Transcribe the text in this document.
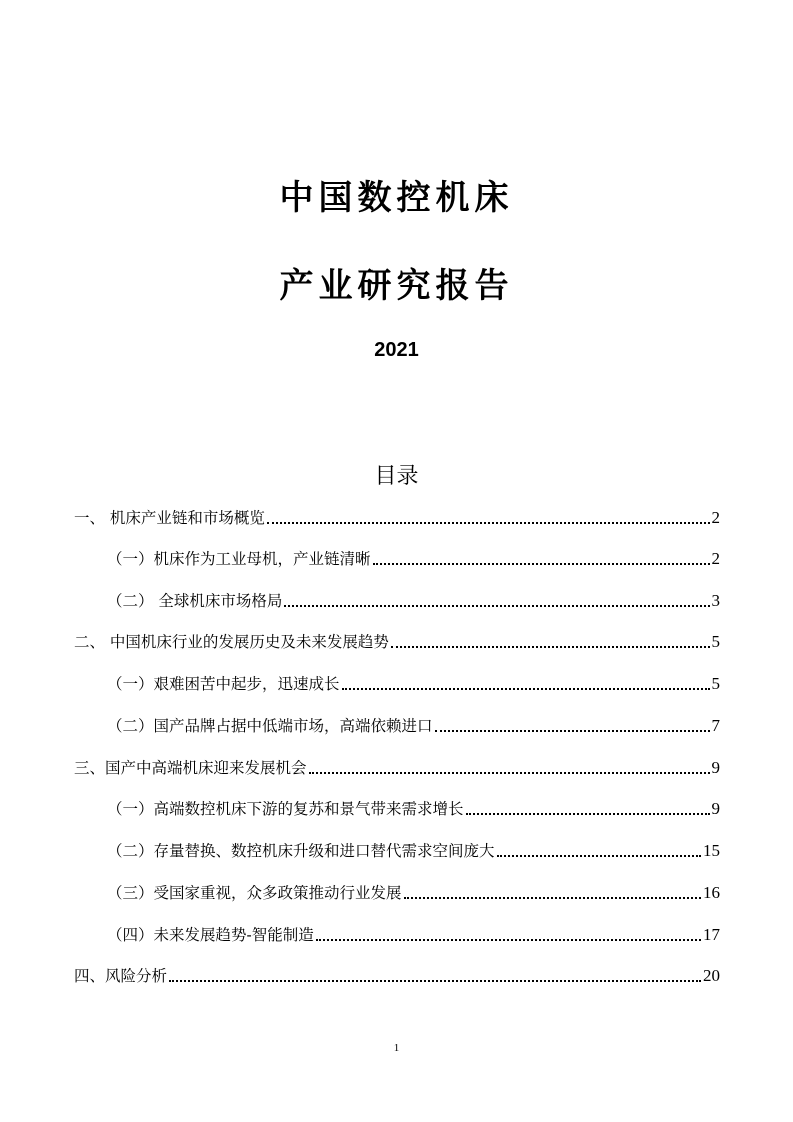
中国数控机床
产业研究报告
2021
目录
一、 机床产业链和市场概览	2
（一）机床作为工业母机，产业链清晰	2
（二） 全球机床市场格局	3
二、 中国机床行业的发展历史及未来发展趋势	5
（一）艰难困苦中起步，迅速成长	5
（二）国产品牌占据中低端市场，高端依赖进口	7
三、国产中高端机床迎来发展机会	9
（一）高端数控机床下游的复苏和景气带来需求增长	9
（二）存量替换、数控机床升级和进口替代需求空间庞大	15
（三）受国家重视，众多政策推动行业发展	16
（四）未来发展趋势-智能制造	17
四、风险分析	20
1
